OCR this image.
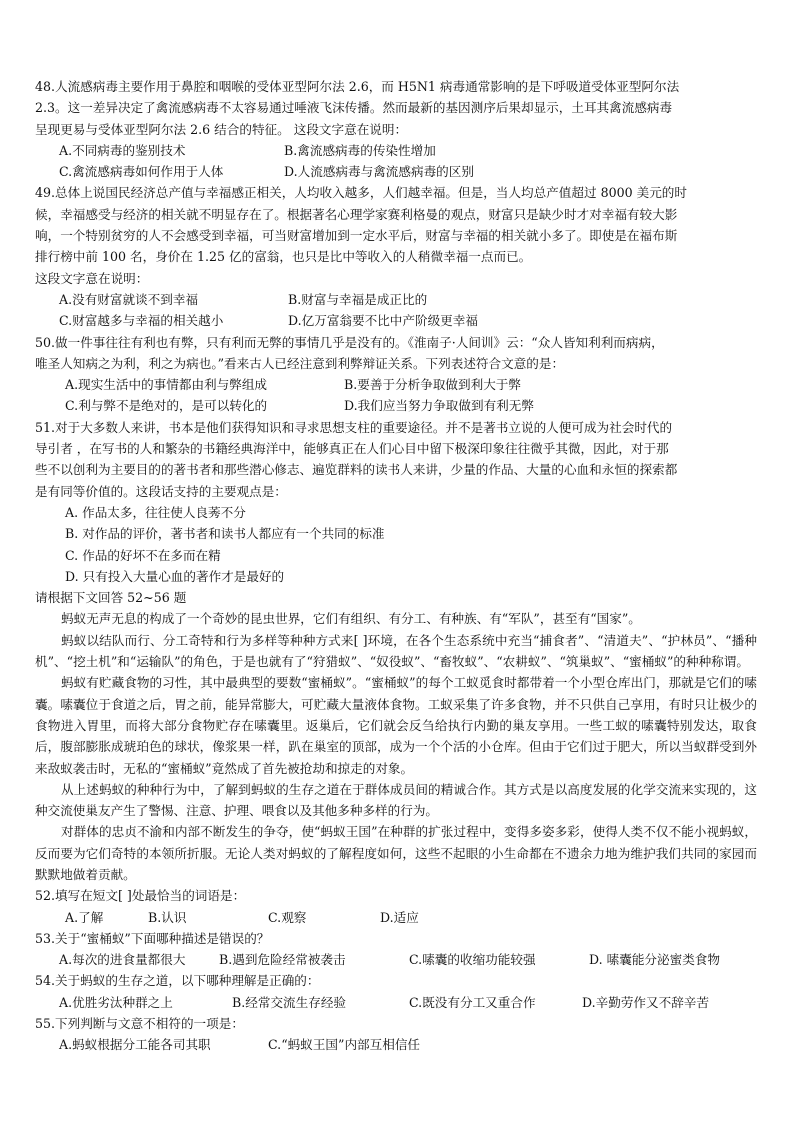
48.人流感病毒主要作用于鼻腔和咽喉的受体亚型阿尔法 2.6，而 H5N1 病毒通常影响的是下呼吸道受体亚型阿尔法
2.3。这一差异决定了禽流感病毒不太容易通过唾液飞沫传播。然而最新的基因测序后果却显示，土耳其禽流感病毒
呈现更易与受体亚型阿尔法 2.6 结合的特征。 这段文字意在说明：
A.不同病毒的鉴别技术	B.禽流感病毒的传染性增加
C.禽流感病毒如何作用于人体	D.人流感病毒与禽流感病毒的区别
49.总体上说国民经济总产值与幸福感正相关，人均收入越多，人们越幸福。但是，当人均总产值超过 8000 美元的时
候，幸福感受与经济的相关就不明显存在了。根据著名心理学家赛利格曼的观点，财富只是缺少时才对幸福有较大影
响，一个特别贫穷的人不会感受到幸福，可当财富增加到一定水平后，财富与幸福的相关就小多了。即使是在福布斯
排行榜中前 100 名，身价在 1.25 亿的富翁，也只是比中等收入的人稍微幸福一点而已。
这段文字意在说明：
A.没有财富就谈不到幸福	B.财富与幸福是成正比的
C.财富越多与幸福的相关越小	D.亿万富翁要不比中产阶级更幸福
50.做一件事往往有利也有弊，只有利而无弊的事情几乎是没有的。《淮南子·人间训》云：“众人皆知利利而病病，
唯圣人知病之为利，利之为病也。”看来古人已经注意到利弊辩证关系。下列表述符合文意的是：
A.现实生活中的事情都由利与弊组成	B.要善于分析争取做到利大于弊
C.利与弊不是绝对的，是可以转化的	D.我们应当努力争取做到有利无弊
51.对于大多数人来讲，书本是他们获得知识和寻求思想支柱的重要途径。并不是著书立说的人便可成为社会时代的
导引者 ，在写书的人和繁杂的书籍经典海洋中，能够真正在人们心目中留下极深印象往往微乎其微，因此，对于那
些不以创利为主要目的的著书者和那些潜心修志、遍览群料的读书人来讲，少量的作品、大量的心血和永恒的探索都
是有同等价值的。这段话支持的主要观点是：
A. 作品太多，往往使人良莠不分
B. 对作品的评价，著书者和读书人都应有一个共同的标准
C. 作品的好坏不在多而在精
D. 只有投入大量心血的著作才是最好的
请根据下文回答 52~56 题
蚂蚁无声无息的构成了一个奇妙的昆虫世界，它们有组织、有分工、有种族、有“军队”，甚至有“国家”。
蚂蚁以结队而行、分工奇特和行为多样等种种方式来[ ]环境，在各个生态系统中充当“捕食者”、“清道夫”、“护林员”、“播种机”、“挖土机”和“运输队”的角色，于是也就有了“狩猎蚁”、“奴役蚁”、“畜牧蚁”、“农耕蚁”、“筑巢蚁”、“蜜桶蚁”的种种称谓。
蚂蚁有贮藏食物的习性，其中最典型的要数“蜜桶蚁”。“蜜桶蚁”的每个工蚁觅食时都带着一个小型仓库出门，那就是它们的嗉囊。嗉囊位于食道之后，胃之前，能异常膨大，可贮藏大量液体食物。工蚁采集了许多食物，并不只供自己享用，有时只让极少的食物进入胃里，而将大部分食物贮存在嗉囊里。返巢后，它们就会反刍给执行内勤的巢友享用。一些工蚁的嗉囊特别发达，取食后，腹部膨胀成琥珀色的球状，像浆果一样，趴在巢室的顶部，成为一个个活的小仓库。但由于它们过于肥大，所以当蚁群受到外来敌蚁袭击时，无私的“蜜桶蚁”竟然成了首先被抢劫和掠走的对象。
从上述蚂蚁的种种行为中，了解到蚂蚁的生存之道在于群体成员间的精诚合作。其方式是以高度发展的化学交流来实现的，这种交流使巢友产生了警惕、注意、护理、喂食以及其他多种多样的行为。
对群体的忠贞不渝和内部不断发生的争夺，使“蚂蚁王国”在种群的扩张过程中，变得多姿多彩，使得人类不仅不能小视蚂蚁，反而要为它们奇特的本领所折服。无论人类对蚂蚁的了解程度如何，这些不起眼的小生命都在不遗余力地为维护我们共同的家园而默默地做着贡献。
52.填写在短文[ ]处最恰当的词语是：
A.了解	B.认识	C.观察	D.适应
53.关于“蜜桶蚁”下面哪种描述是错误的？
A.每次的进食量都很大	B.遇到危险经常被袭击	C.嗉囊的收缩功能较强	D. 嗉囊能分泌蜜类食物
54.关于蚂蚁的生存之道，以下哪种理解是正确的：
A.优胜劣汰种群之上	B.经常交流生存经验	C.既没有分工又重合作	D.辛勤劳作又不辞辛苦
55.下列判断与文意不相符的一项是：
A.蚂蚁根据分工能各司其职	C.“蚂蚁王国”内部互相信任
